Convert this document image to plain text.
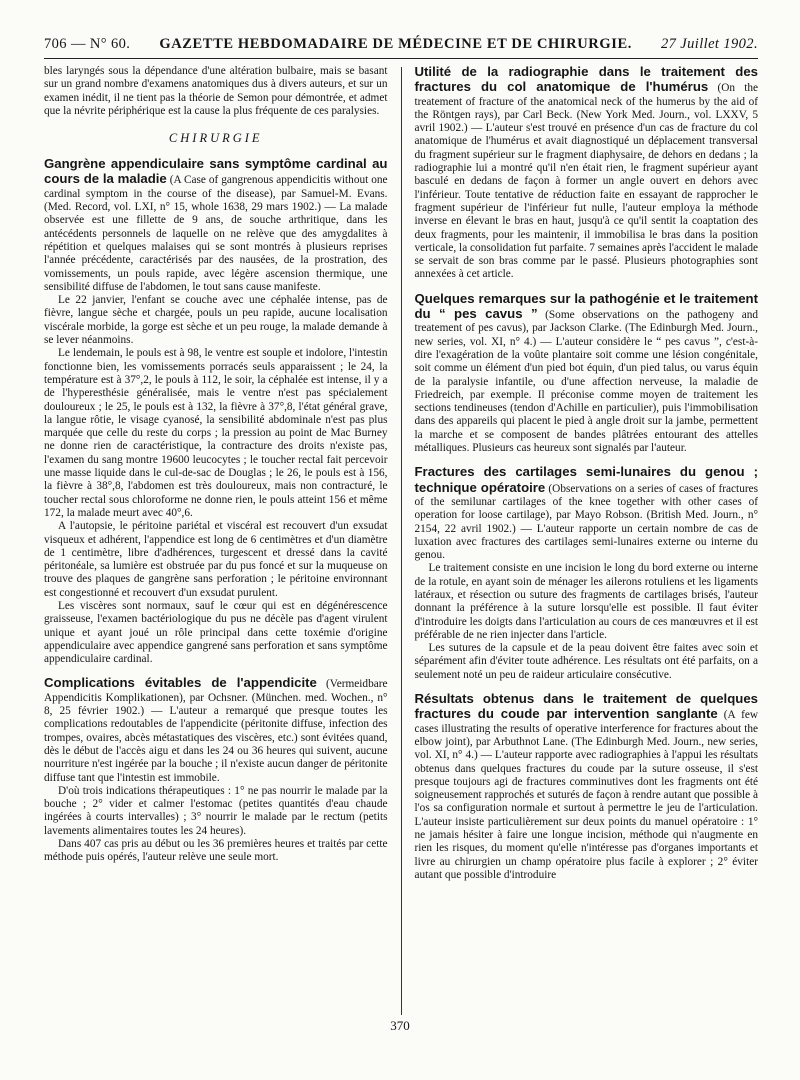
706 — N° 60. GAZETTE HEBDOMADAIRE DE MÉDECINE ET DE CHIRURGIE. 27 Juillet 1902.

bles laryngés sous la dépendance d'une altération bulbaire, mais se basant sur un grand nombre d'examens anatomiques dus à divers auteurs, et sur un examen inédit, il ne tient pas la théorie de Semon pour démontrée, et admet que la névrite périphérique est la cause la plus fréquente de ces paralysies.

CHIRURGIE

Gangrène appendiculaire sans symptôme cardinal au cours de la maladie (A Case of gangrenous appendicitis without one cardinal symptom in the course of the disease), par Samuel-M. Evans. (Med. Record, vol. LXI, n° 15, whole 1638, 29 mars 1902.) — La malade observée est une fillette de 9 ans, de souche arthritique, dans les antécédents personnels de laquelle on ne relève que des amygdalites à répétition et quelques malaises qui se sont montrés à plusieurs reprises l'année précédente, caractérisés par des nausées, de la prostration, des vomissements, un pouls rapide, avec légère ascension thermique, une sensibilité diffuse de l'abdomen, le tout sans cause manifeste.

Le 22 janvier, l'enfant se couche avec une céphalée intense, pas de fièvre, langue sèche et chargée, pouls un peu rapide, aucune localisation viscérale morbide, la gorge est sèche et un peu rouge, la malade demande à se lever néanmoins.

Le lendemain, le pouls est à 98, le ventre est souple et indolore, l'intestin fonctionne bien, les vomissements porracés seuls apparaissent ; le 24, la température est à 37°,2, le pouls à 112, le soir, la céphalée est intense, il y a de l'hyperesthésie généralisée, mais le ventre n'est pas spécialement douloureux ; le 25, le pouls est à 132, la fièvre à 37°,8, l'état général grave, la langue rôtie, le visage cyanosé, la sensibilité abdominale n'est pas plus marquée que celle du reste du corps ; la pression au point de Mac Burney ne donne rien de caractéristique, la contracture des droits n'existe pas, l'examen du sang montre 19600 leucocytes ; le toucher rectal fait percevoir une masse liquide dans le cul-de-sac de Douglas ; le 26, le pouls est à 156, la fièvre à 38°,8, l'abdomen est très douloureux, mais non contracturé, le toucher rectal sous chloroforme ne donne rien, le pouls atteint 156 et même 172, la malade meurt avec 40°,6.

A l'autopsie, le péritoine pariétal et viscéral est recouvert d'un exsudat visqueux et adhérent, l'appendice est long de 6 centimètres et d'un diamètre de 1 centimètre, libre d'adhérences, turgescent et dressé dans la cavité péritonéale, sa lumière est obstruée par du pus foncé et sur la muqueuse on trouve des plaques de gangrène sans perforation ; le péritoine environnant est congestionné et recouvert d'un exsudat purulent.

Les viscères sont normaux, sauf le cœur qui est en dégénérescence graisseuse, l'examen bactériologique du pus ne décèle pas d'agent virulent unique et ayant joué un rôle principal dans cette toxémie d'origine appendiculaire avec appendice gangrené sans perforation et sans symptôme appendiculaire cardinal.

Complications évitables de l'appendicite (Vermeidbare Appendicitis Komplikationen), par Ochsner. (München. med. Wochen., n° 8, 25 février 1902.) — L'auteur a remarqué que presque toutes les complications redoutables de l'appendicite (péritonite diffuse, infection des trompes, ovaires, abcès métastatiques des viscères, etc.) sont évitées quand, dès le début de l'accès aigu et dans les 24 ou 36 heures qui suivent, aucune nourriture n'est ingérée par la bouche ; il n'existe aucun danger de péritonite diffuse tant que l'intestin est immobile.

D'où trois indications thérapeutiques : 1° ne pas nourrir le malade par la bouche ; 2° vider et calmer l'estomac (petites quantités d'eau chaude ingérées à courts intervalles) ; 3° nourrir le malade par le rectum (petits lavements alimentaires toutes les 24 heures).

Dans 407 cas pris au début ou les 36 premières heures et traités par cette méthode puis opérés, l'auteur relève une seule mort.

Utilité de la radiographie dans le traitement des fractures du col anatomique de l'humérus (On the treatement of fracture of the anatomical neck of the humerus by the aid of the Röntgen rays), par Carl Beck. (New York Med. Journ., vol. LXXV, 5 avril 1902.) — L'auteur s'est trouvé en présence d'un cas de fracture du col anatomique de l'humérus et avait diagnostiqué un déplacement transversal du fragment supérieur sur le fragment diaphysaire, de dehors en dedans ; la radiographie lui a montré qu'il n'en était rien, le fragment supérieur ayant basculé en dedans de façon à former un angle ouvert en dehors avec l'inférieur. Toute tentative de réduction faite en essayant de rapprocher le fragment supérieur de l'inférieur fut nulle, l'auteur employa la méthode inverse en élevant le bras en haut, jusqu'à ce qu'il sentit la coaptation des deux fragments, pour les maintenir, il immobilisa le bras dans la position verticale, la consolidation fut parfaite. 7 semaines après l'accident le malade se servait de son bras comme par le passé. Plusieurs photographies sont annexées à cet article.

Quelques remarques sur la pathogénie et le traitement du “ pes cavus ” (Some observations on the pathogeny and treatement of pes cavus), par Jackson Clarke. (The Edinburgh Med. Journ., new series, vol. XI, n° 4.) — L'auteur considère le “ pes cavus ”, c'est-à-dire l'exagération de la voûte plantaire soit comme une lésion congénitale, soit comme un élément d'un pied bot équin, d'un pied talus, ou varus équin de la paralysie infantile, ou d'une affection nerveuse, la maladie de Friedreich, par exemple. Il préconise comme moyen de traitement les sections tendineuses (tendon d'Achille en particulier), puis l'immobilisation dans des appareils qui placent le pied à angle droit sur la jambe, permettent la marche et se composent de bandes plâtrées entourant des attelles métalliques. Plusieurs cas heureux sont signalés par l'auteur.

Fractures des cartilages semi-lunaires du genou ; technique opératoire (Observations on a series of cases of fractures of the semilunar cartilages of the knee together with other cases of operation for loose cartilage), par Mayo Robson. (British Med. Journ., n° 2154, 22 avril 1902.) — L'auteur rapporte un certain nombre de cas de luxation avec fractures des cartilages semi-lunaires externe ou interne du genou.

Le traitement consiste en une incision le long du bord externe ou interne de la rotule, en ayant soin de ménager les ailerons rotuliens et les ligaments latéraux, et résection ou suture des fragments de cartilages brisés, l'auteur donnant la préférence à la suture lorsqu'elle est possible. Il faut éviter d'introduire les doigts dans l'articulation au cours de ces manœuvres et il est préférable de ne rien injecter dans l'article.

Les sutures de la capsule et de la peau doivent être faites avec soin et séparément afin d'éviter toute adhérence. Les résultats ont été parfaits, on a seulement noté un peu de raideur articulaire consécutive.

Résultats obtenus dans le traitement de quelques fractures du coude par intervention sanglante (A few cases illustrating the results of operative interference for fractures about the elbow joint), par Arbuthnot Lane. (The Edinburgh Med. Journ., new series, vol. XI, n° 4.) — L'auteur rapporte avec radiographies à l'appui les résultats obtenus dans quelques fractures du coude par la suture osseuse, il s'est presque toujours agi de fractures comminutives dont les fragments ont été soigneusement rapprochés et suturés de façon à rendre autant que possible à l'os sa configuration normale et surtout à permettre le jeu de l'articulation. L'auteur insiste particulièrement sur deux points du manuel opératoire : 1° ne jamais hésiter à faire une longue incision, méthode qui n'augmente en rien les risques, du moment qu'elle n'intéresse pas d'organes importants et livre au chirurgien un champ opératoire plus facile à explorer ; 2° éviter autant que possible d'introduire

370
